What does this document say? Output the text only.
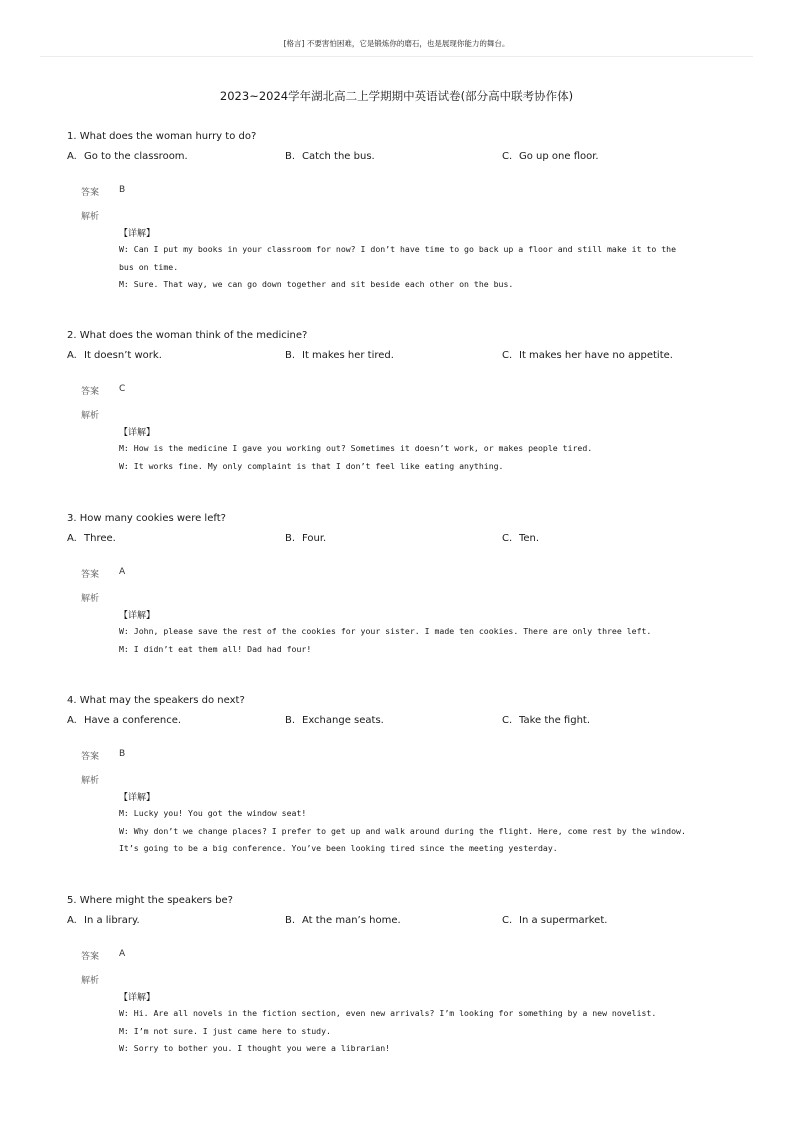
[格言] 不要害怕困难，它是锻炼你的磨石，也是展现你能力的舞台。
2023~2024学年湖北高二上学期期中英语试卷(部分高中联考协作体)
1. What does the woman hurry to do?
A. Go to the classroom.	B. Catch the bus.	C. Go up one floor.
答案 B
解析
【详解】
W: Can I put my books in your classroom for now? I don’t have time to go back up a floor and still make it to the
bus on time.
M: Sure. That way, we can go down together and sit beside each other on the bus.
2. What does the woman think of the medicine?
A. It doesn’t work.	B. It makes her tired.	C. It makes her have no appetite.
答案 C
解析
【详解】
M: How is the medicine I gave you working out? Sometimes it doesn’t work, or makes people tired.
W: It works fine. My only complaint is that I don’t feel like eating anything.
3. How many cookies were left?
A. Three.	B. Four.	C. Ten.
答案 A
解析
【详解】
W: John, please save the rest of the cookies for your sister. I made ten cookies. There are only three left.
M: I didn’t eat them all! Dad had four!
4. What may the speakers do next?
A. Have a conference.	B. Exchange seats.	C. Take the fight.
答案 B
解析
【详解】
M: Lucky you! You got the window seat!
W: Why don’t we change places? I prefer to get up and walk around during the flight. Here, come rest by the window.
It’s going to be a big conference. You’ve been looking tired since the meeting yesterday.
5. Where might the speakers be?
A. In a library.	B. At the man’s home.	C. In a supermarket.
答案 A
解析
【详解】
W: Hi. Are all novels in the fiction section, even new arrivals? I’m looking for something by a new novelist.
M: I’m not sure. I just came here to study.
W: Sorry to bother you. I thought you were a librarian!
